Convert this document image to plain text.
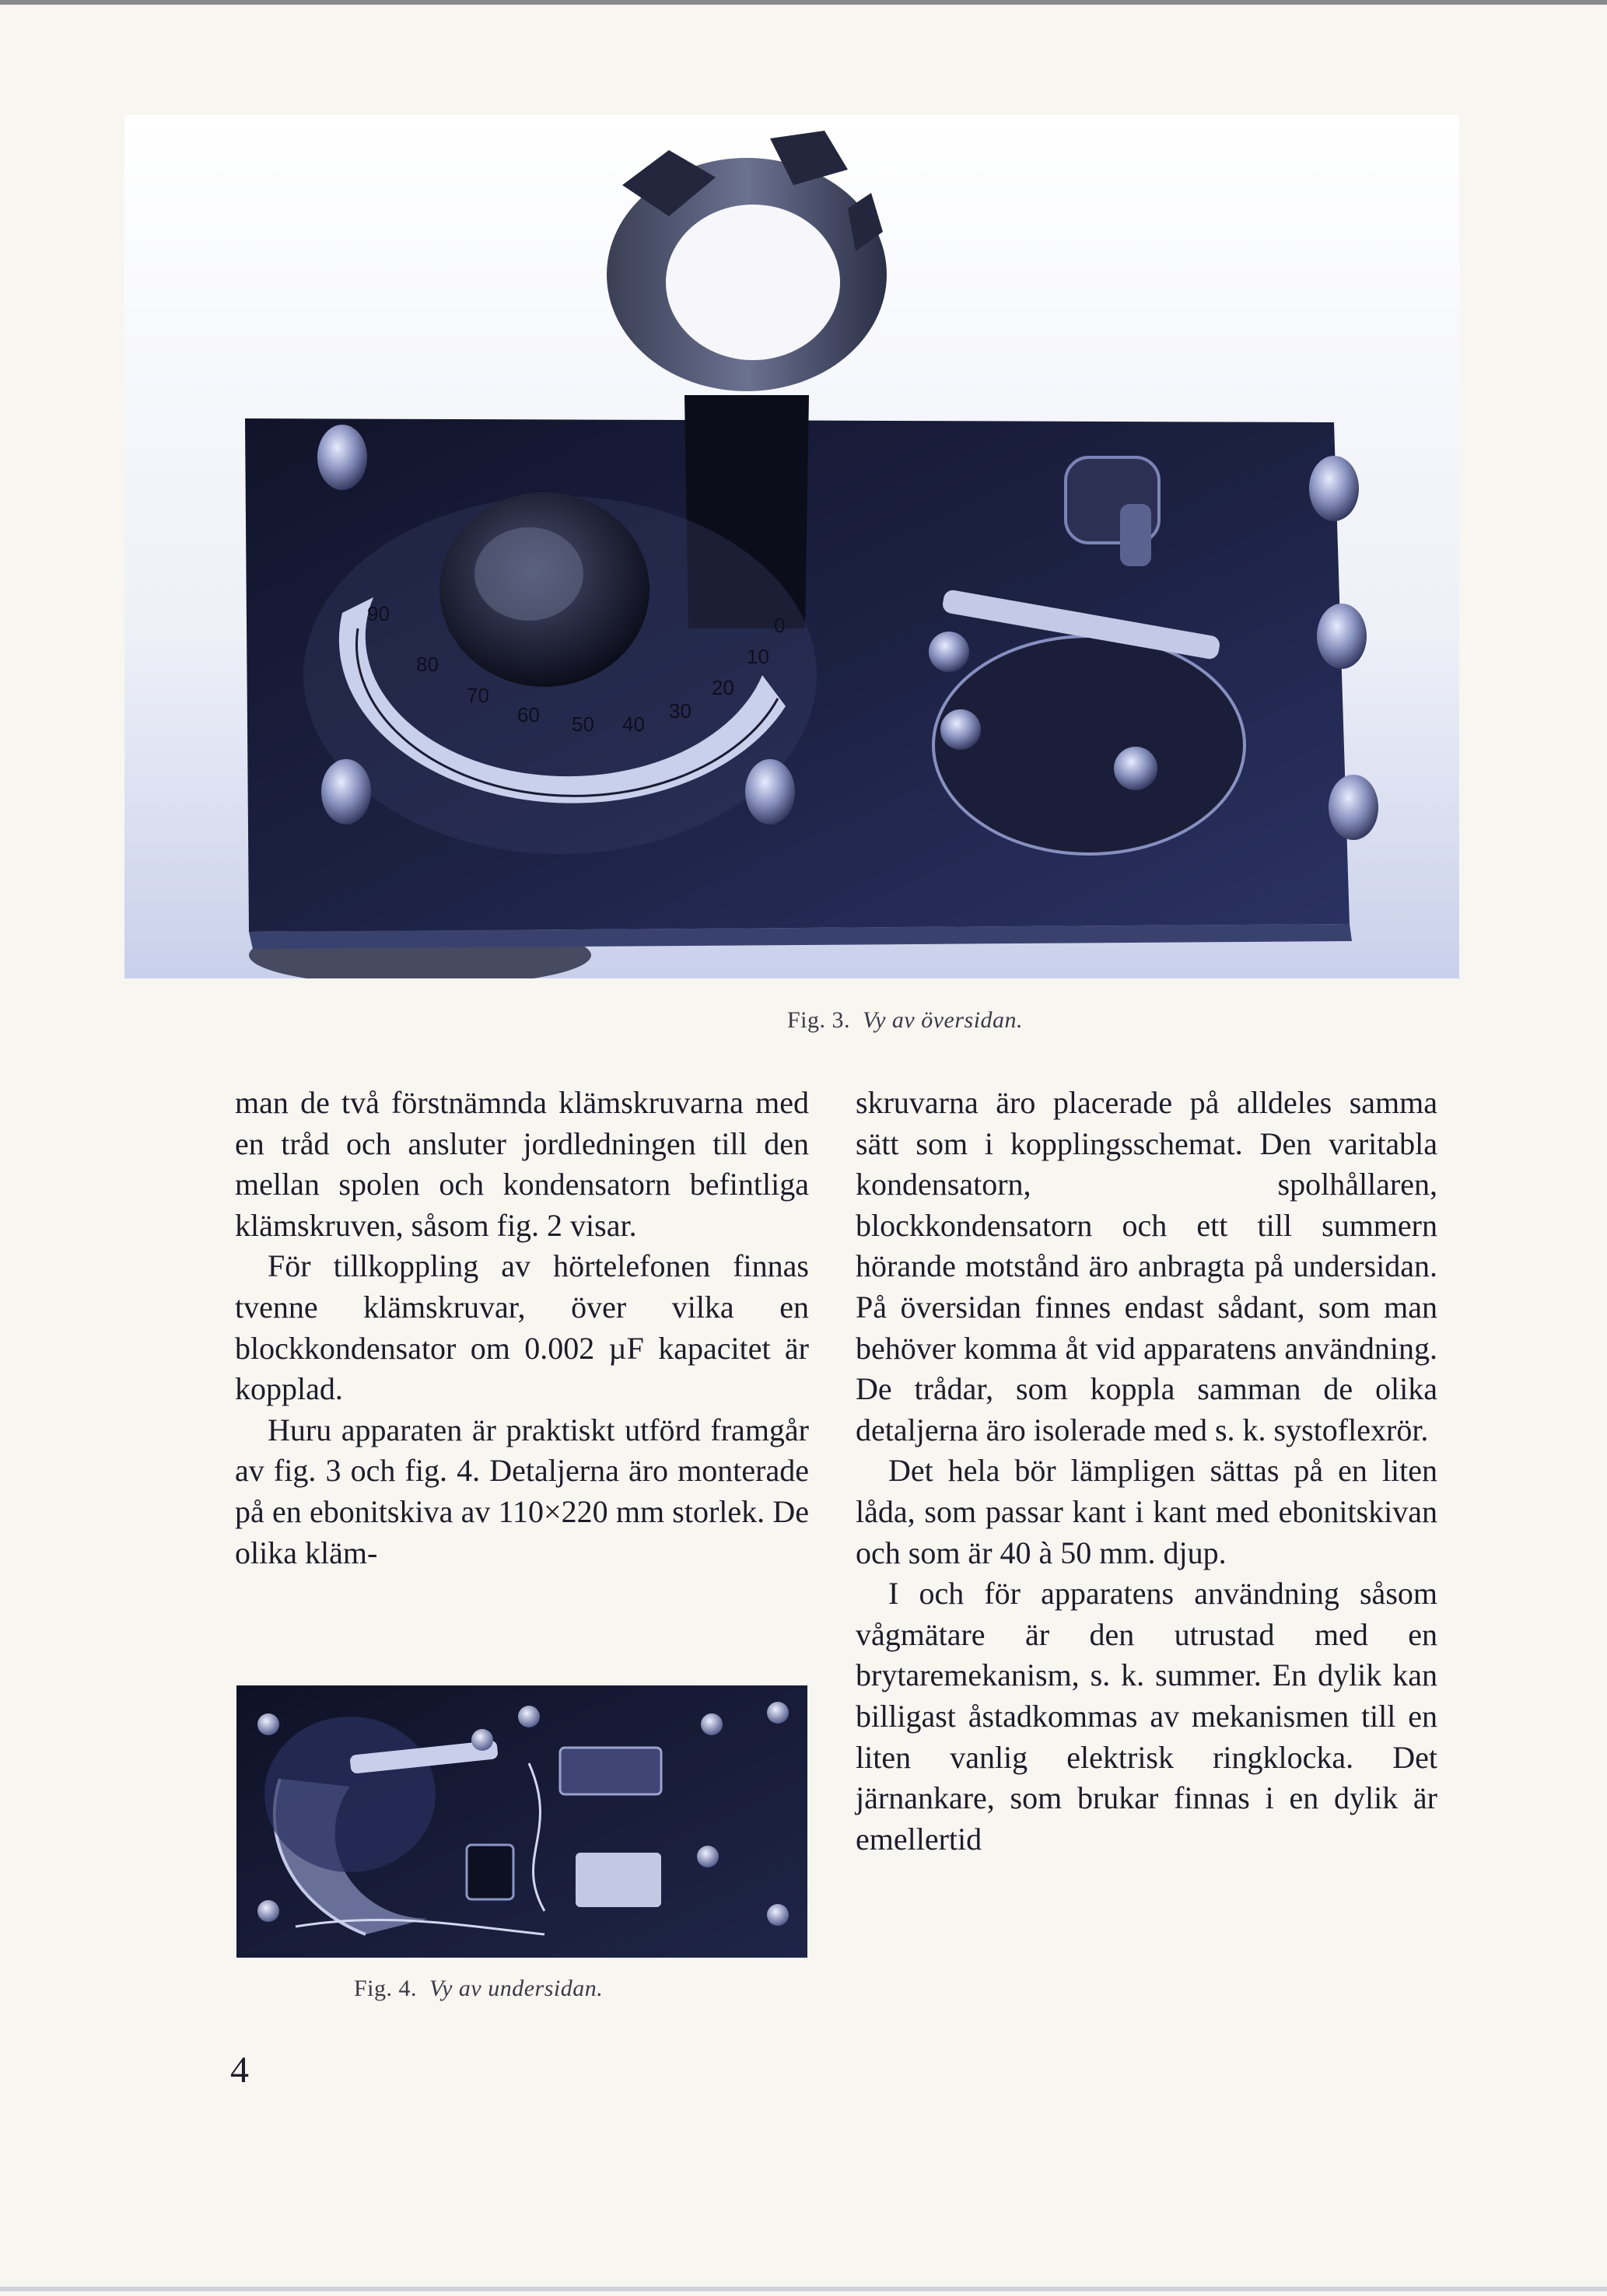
90
80
70
60 50 40
30
20
10
0
Fig. 3. Vy av översidan.

man de två förstnämnda klämskruvarna med en tråd och ansluter jordledningen till den mellan spolen och kondensatorn befintliga klämskruven, såsom fig. 2 visar.

För tillkoppling av hörtelefonen finnas tvenne klämskruvar, över vilka en blockkondensator om 0.002 µF kapacitet är kopplad.

Huru apparaten är praktiskt utförd framgår av fig. 3 och fig. 4. Detaljerna äro monterade på en ebonitskiva av 110×220 mm storlek. De olika kläm-

skruvarna äro placerade på alldeles samma sätt som i kopplingsschemat. Den varitabla kondensatorn, spolhållaren, blockkondensatorn och ett till summern hörande motstånd äro anbragta på undersidan. På översidan finnes endast sådant, som man behöver komma åt vid apparatens användning. De trådar, som koppla samman de olika detaljerna äro isolerade med s. k. systoflexrör.

Det hela bör lämpligen sättas på en liten låda, som passar kant i kant med ebonitskivan och som är 40 à 50 mm. djup.

I och för apparatens användning såsom vågmätare är den utrustad med en brytaremekanism, s. k. summer. En dylik kan billigast åstadkommas av mekanismen till en liten vanlig elektrisk ringklocka. Det järnankare, som brukar finnas i en dylik är emellertid

Fig. 4. Vy av undersidan.
4
